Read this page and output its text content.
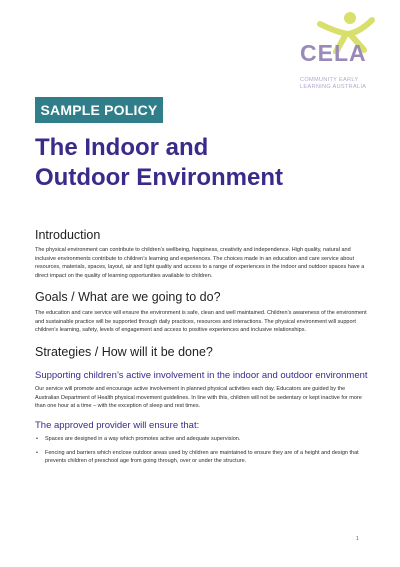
CELA
COMMUNITY EARLY
LEARNING AUSTRALIA
SAMPLE POLICY
The Indoor and
Outdoor Environment
Introduction

The physical environment can contribute to children’s wellbeing, happiness, creativity and independence. High quality, natural and inclusive environments contribute to children’s learning and experiences. The choices made in an education and care service about resources, materials, spaces, layout, air and light quality and access to a range of experiences in the indoor and outdoor spaces have a direct impact on the quality of learning opportunities available to children.

Goals / What are we going to do?

The education and care service will ensure the environment is safe, clean and well maintained. Children’s awareness of the environment and sustainable practice will be supported through daily practices, resources and interactions. The physical environment will support children’s learning, safety, levels of engagement and access to positive experiences and inclusive relationships.

Strategies / How will it be done?
Supporting children’s active involvement in the indoor and outdoor environment

Our service will promote and encourage active involvement in planned physical activities each day. Educators are guided by the Australian Department of Health physical movement guidelines. In line with this, children will not be sedentary or kept inactive for more than one hour at a time – with the exception of sleep and rest times.

The approved provider will ensure that:
• Spaces are designed in a way which promotes active and adequate supervision.
• Fencing and barriers which enclose outdoor areas used by children are maintained to ensure they are of a height and design that prevents children of preschool age from going through, over or under the structure.
1
